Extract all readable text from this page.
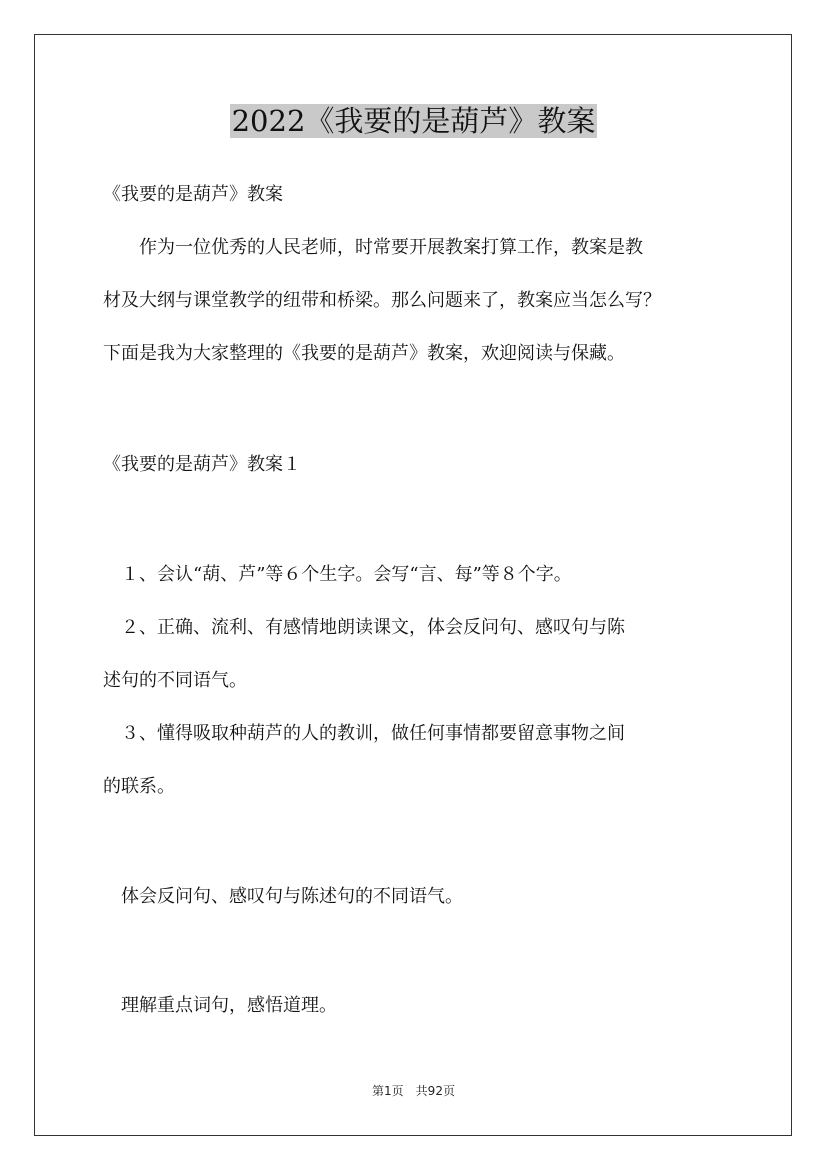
2022《我要的是葫芦》教案

《我要的是葫芦》教案

　　作为一位优秀的人民老师，时常要开展教案打算工作，教案是教

材及大纲与课堂教学的纽带和桥梁。那么问题来了，教案应当怎么写？

下面是我为大家整理的《我要的是葫芦》教案，欢迎阅读与保藏。

《我要的是葫芦》教案１

　１、会认“葫、芦”等６个生字。会写“言、每”等８个字。

　２、正确、流利、有感情地朗读课文，体会反问句、感叹句与陈

述句的不同语气。

　３、懂得吸取种葫芦的人的教训，做任何事情都要留意事物之间

的联系。

　体会反问句、感叹句与陈述句的不同语气。

　理解重点词句，感悟道理。

第1页　共92页
